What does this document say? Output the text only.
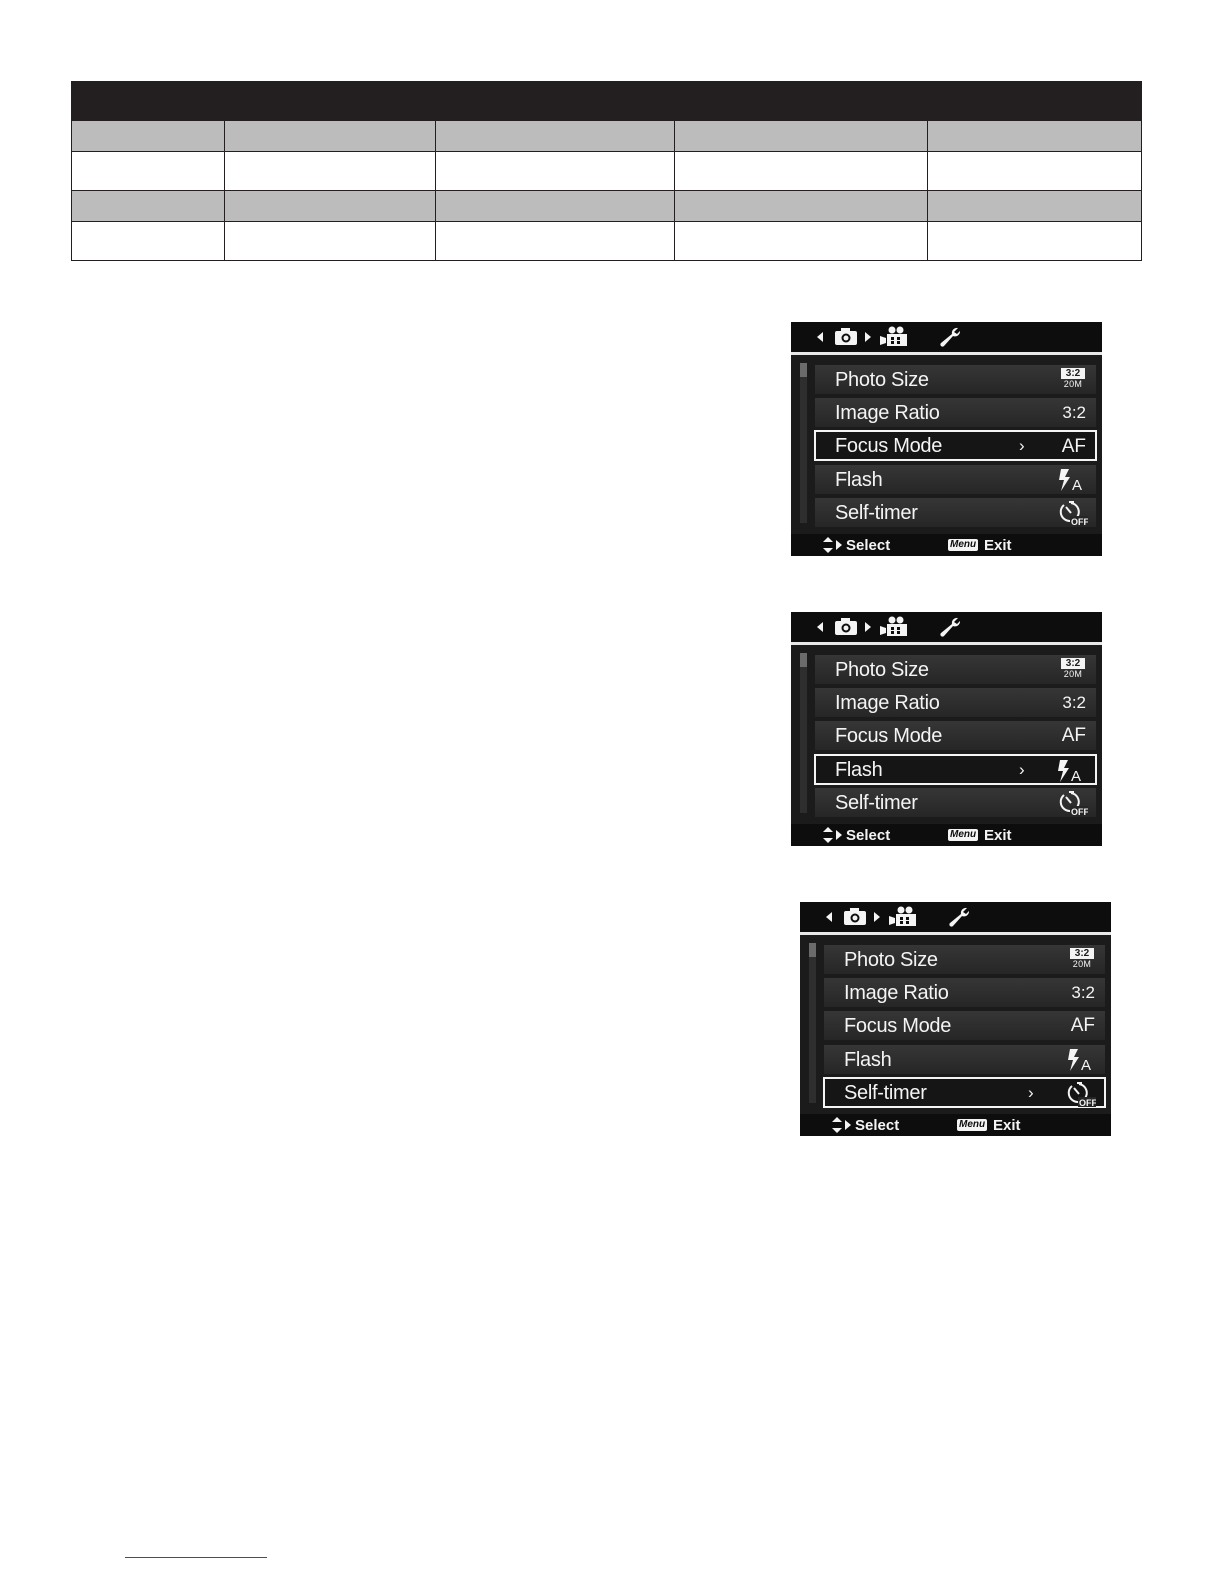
Photo Size	3:2
20M
Image Ratio	3:2
Focus Mode	› AF
Flash	A
Self-timer	OFF
Select	Menu Exit
Photo Size	3:2
20M
Image Ratio	3:2
Focus Mode	AF
Flash	›	A
Self-timer	OFF
Select	Menu Exit
Photo Size	3:2
20M
Image Ratio	3:2
Focus Mode	AF
Flash	A
Self-timer	›
OFF
Select	Menu Exit
